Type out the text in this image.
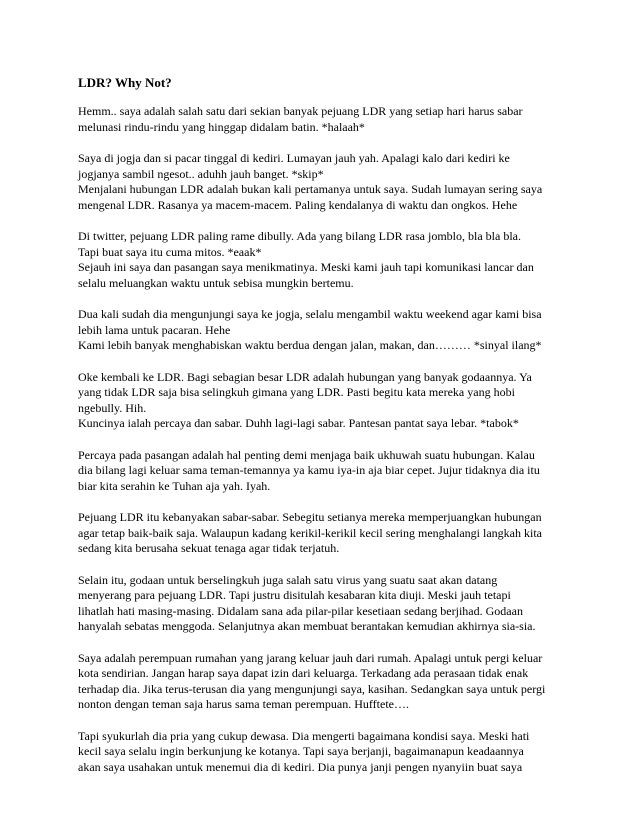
LDR? Why Not?
Hemm.. saya adalah salah satu dari sekian banyak pejuang LDR yang setiap hari harus sabar
melunasi rindu-rindu yang hinggap didalam batin. *halaah*
Saya di jogja dan si pacar tinggal di kediri. Lumayan jauh yah. Apalagi kalo dari kediri ke
jogjanya sambil ngesot.. aduhh jauh banget. *skip*
Menjalani hubungan LDR adalah bukan kali pertamanya untuk saya. Sudah lumayan sering saya
mengenal LDR. Rasanya ya macem-macem. Paling kendalanya di waktu dan ongkos. Hehe
Di twitter, pejuang LDR paling rame dibully. Ada yang bilang LDR rasa jomblo, bla bla bla.
Tapi buat saya itu cuma mitos. *eaak*
Sejauh ini saya dan pasangan saya menikmatinya. Meski kami jauh tapi komunikasi lancar dan
selalu meluangkan waktu untuk sebisa mungkin bertemu.
Dua kali sudah dia mengunjungi saya ke jogja, selalu mengambil waktu weekend agar kami bisa
lebih lama untuk pacaran. Hehe
Kami lebih banyak menghabiskan waktu berdua dengan jalan, makan, dan……… *sinyal ilang*
Oke kembali ke LDR. Bagi sebagian besar LDR adalah hubungan yang banyak godaannya. Ya
yang tidak LDR saja bisa selingkuh gimana yang LDR. Pasti begitu kata mereka yang hobi
ngebully. Hih.
Kuncinya ialah percaya dan sabar. Duhh lagi-lagi sabar. Pantesan pantat saya lebar. *tabok*
Percaya pada pasangan adalah hal penting demi menjaga baik ukhuwah suatu hubungan. Kalau
dia bilang lagi keluar sama teman-temannya ya kamu iya-in aja biar cepet. Jujur tidaknya dia itu
biar kita serahin ke Tuhan aja yah. Iyah.
Pejuang LDR itu kebanyakan sabar-sabar. Sebegitu setianya mereka memperjuangkan hubungan
agar tetap baik-baik saja. Walaupun kadang kerikil-kerikil kecil sering menghalangi langkah kita
sedang kita berusaha sekuat tenaga agar tidak terjatuh.
Selain itu, godaan untuk berselingkuh juga salah satu virus yang suatu saat akan datang
menyerang para pejuang LDR. Tapi justru disitulah kesabaran kita diuji. Meski jauh tetapi
lihatlah hati masing-masing. Didalam sana ada pilar-pilar kesetiaan sedang berjihad. Godaan
hanyalah sebatas menggoda. Selanjutnya akan membuat berantakan kemudian akhirnya sia-sia.
Saya adalah perempuan rumahan yang jarang keluar jauh dari rumah. Apalagi untuk pergi keluar
kota sendirian. Jangan harap saya dapat izin dari keluarga. Terkadang ada perasaan tidak enak
terhadap dia. Jika terus-terusan dia yang mengunjungi saya, kasihan. Sedangkan saya untuk pergi
nonton dengan teman saja harus sama teman perempuan. Hufftete….
Tapi syukurlah dia pria yang cukup dewasa. Dia mengerti bagaimana kondisi saya. Meski hati
kecil saya selalu ingin berkunjung ke kotanya. Tapi saya berjanji, bagaimanapun keadaannya
akan saya usahakan untuk menemui dia di kediri. Dia punya janji pengen nyanyiin buat saya
